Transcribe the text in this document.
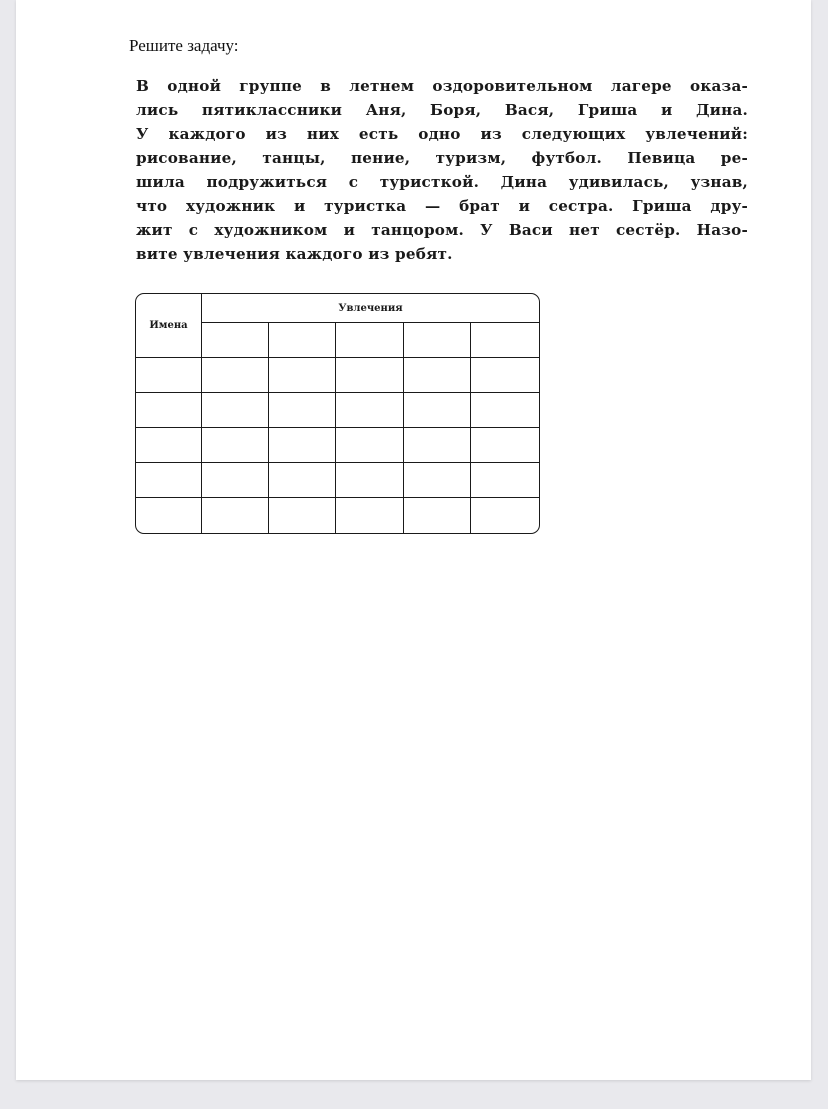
Решите задачу:
В одной группе в летнем оздоровительном лагере оказа-
лись пятиклассники Аня, Боря, Вася, Гриша и Дина.
У каждого из них есть одно из следующих увлечений:
рисование, танцы, пение, туризм, футбол. Певица ре-
шила подружиться с туристкой. Дина удивилась, узнав,
что художник и туристка — брат и сестра. Гриша дру-
жит с художником и танцором. У Васи нет сестёр. Назо-
вите увлечения каждого из ребят.
Имена	Увлечения				
